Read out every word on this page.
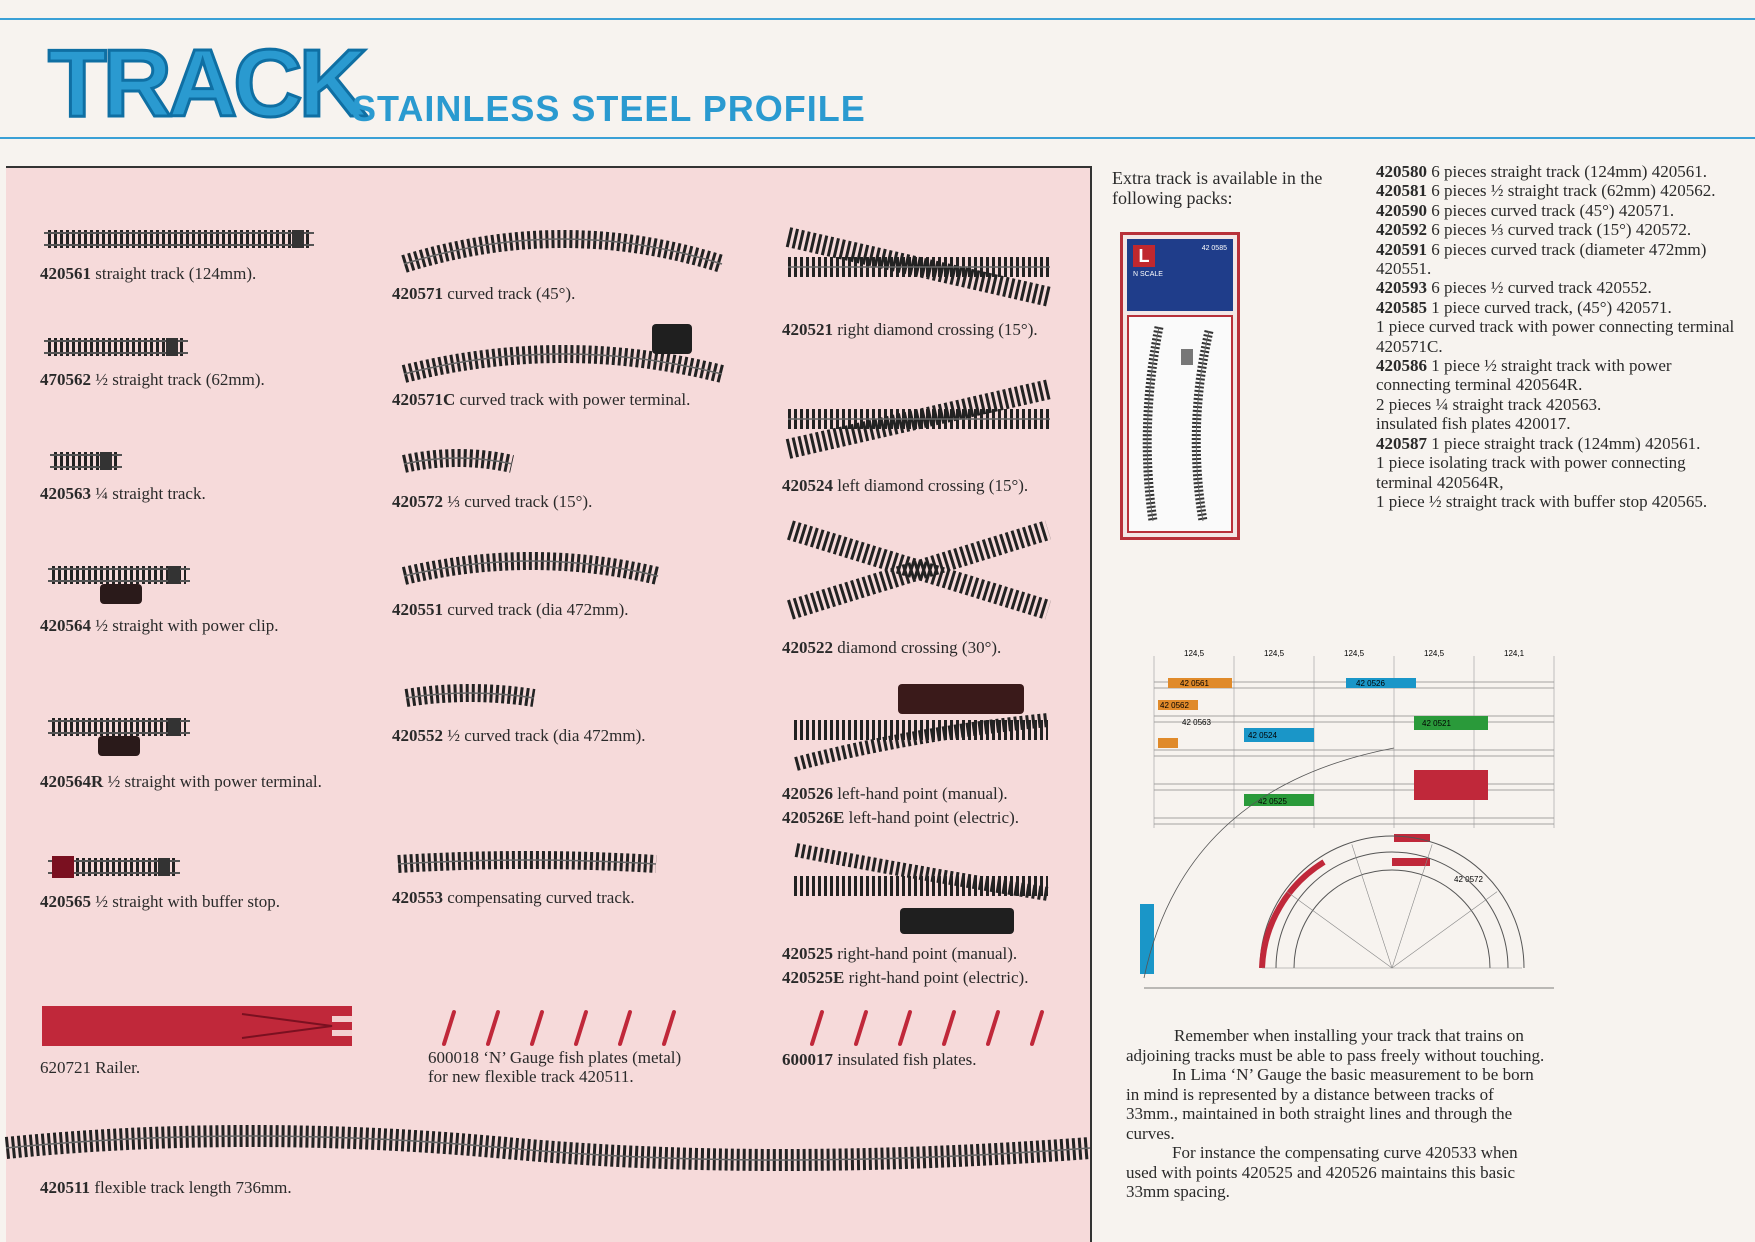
TRACK
STAINLESS STEEL PROFILE
420561 straight track (124mm).
470562 ½ straight track (62mm).
420563 ¼ straight track.
420564 ½ straight with power clip.
420564R ½ straight with power terminal.
420565 ½ straight with buffer stop.
620721 Railer.
420571 curved track (45°).
420571C curved track with power terminal.
420572 ⅓ curved track (15°).
420551 curved track (dia 472mm).
420552 ½ curved track (dia 472mm).
420553 compensating curved track.
600018 ‘N’ Gauge fish plates (metal)
for new flexible track 420511.
420521 right diamond crossing (15°).
420524 left diamond crossing (15°).
420522 diamond crossing (30°).
420526 left-hand point (manual).
420526E left-hand point (electric).
420525 right-hand point (manual).
420525E right-hand point (electric).
600017 insulated fish plates.
420511 flexible track length 736mm.
Extra track is available in the following packs:
L
N SCALE
42 0585

420580 6 pieces straight track (124mm) 420561.

420581 6 pieces ½ straight track (62mm) 420562.

420590 6 pieces curved track (45°) 420571.

420592 6 pieces ⅓ curved track (15°) 420572.

420591 6 pieces curved track (diameter 472mm) 420551.

420593 6 pieces ½ curved track 420552.

420585 1 piece curved track, (45°) 420571.

1 piece curved track with power connecting terminal 420571C.

420586 1 piece ½ straight track with power connecting terminal 420564R.

2 pieces ¼ straight track 420563.

insulated fish plates 420017.

420587 1 piece straight track (124mm) 420561.

1 piece isolating track with power connecting terminal 420564R,

1 piece ½ straight track with buffer stop 420565.

124,5	124,5	124,5	124,5	124,1
42 0561
42 0562
42 0563
42 0526
42 0521
42 0524
42 0525
42 0572

Remember when installing your track that trains on adjoining tracks must be able to pass freely without touching.

In Lima ‘N’ Gauge the basic measurement to be born in mind is represented by a distance between tracks of 33mm., maintained in both straight lines and through the curves.

For instance the compensating curve 420533 when used with points 420525 and 420526 maintains this basic 33mm spacing.
